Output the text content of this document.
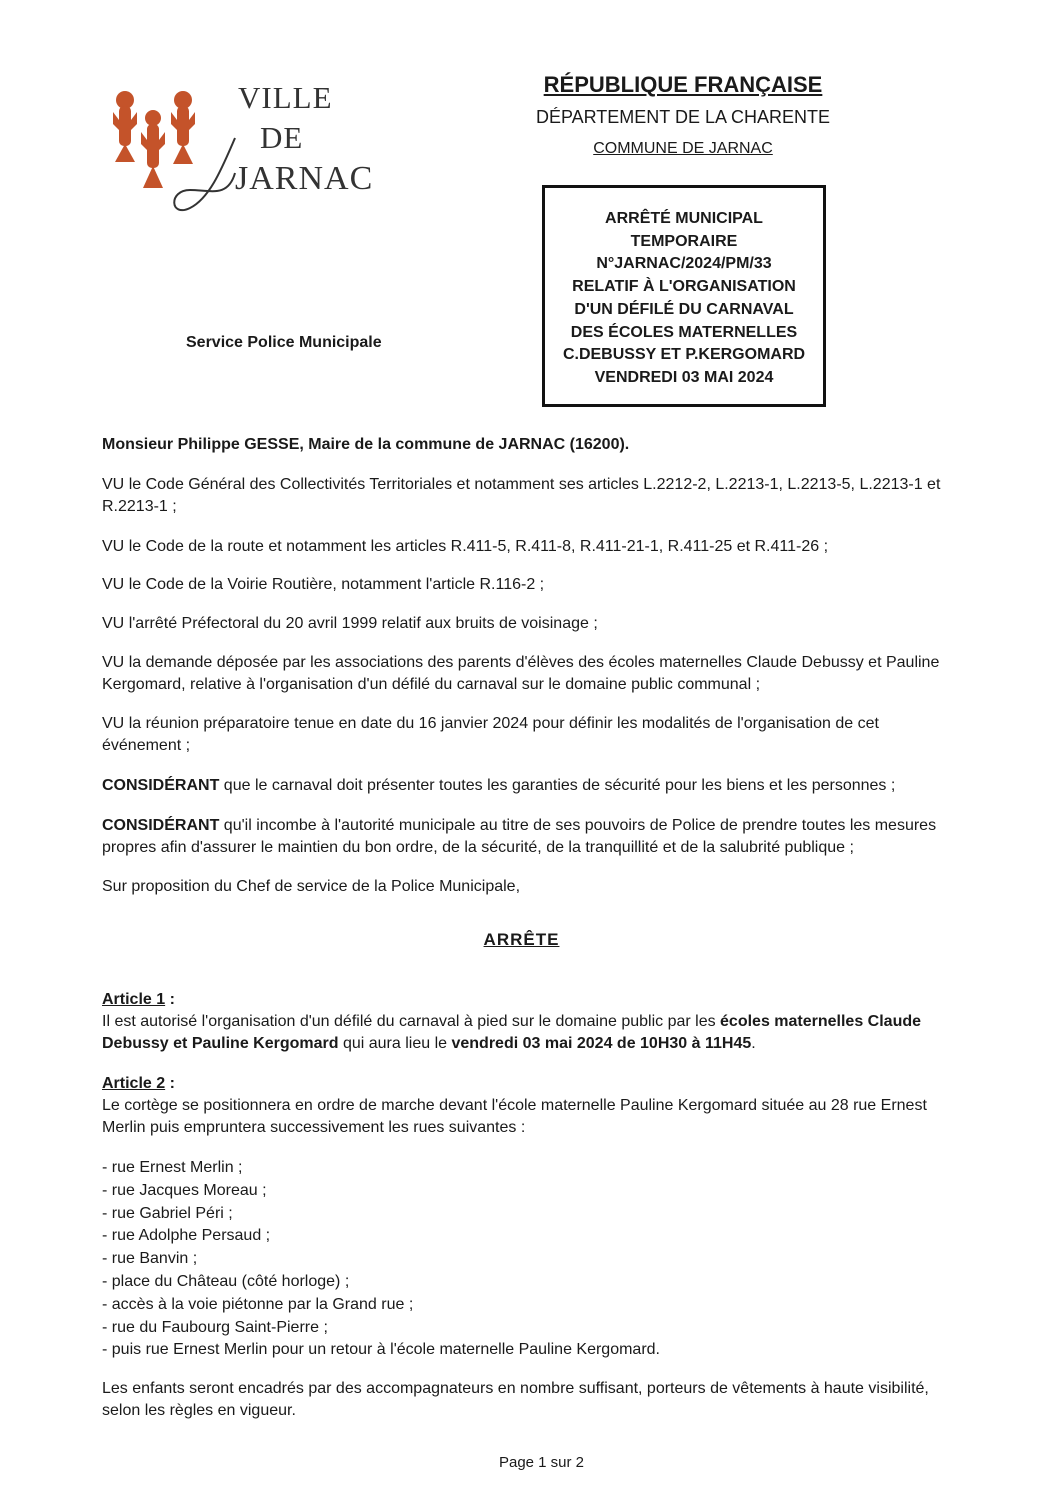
VILLE
DE
JARNAC
RÉPUBLIQUE FRANÇAISE
DÉPARTEMENT DE LA CHARENTE
COMMUNE DE JARNAC
ARRÊTÉ MUNICIPAL
TEMPORAIRE
N°JARNAC/2024/PM/33
RELATIF À L'ORGANISATION
D'UN DÉFILÉ DU CARNAVAL
DES ÉCOLES MATERNELLES
C.DEBUSSY ET P.KERGOMARD
VENDREDI 03 MAI 2024
Service Police Municipale
Monsieur Philippe GESSE, Maire de la commune de JARNAC (16200).
VU le Code Général des Collectivités Territoriales et notamment ses articles L.2212-2, L.2213-1, L.2213-5, L.2213-1 et R.2213-1 ;
VU le Code de la route et notamment les articles R.411-5, R.411-8, R.411-21-1, R.411-25 et R.411-26 ;
VU le Code de la Voirie Routière, notamment l'article R.116-2 ;
VU l'arrêté Préfectoral du 20 avril 1999 relatif aux bruits de voisinage ;
VU la demande déposée par les associations des parents d'élèves des écoles maternelles Claude Debussy et Pauline Kergomard, relative à l'organisation d'un défilé du carnaval sur le domaine public communal ;
VU la réunion préparatoire tenue en date du 16 janvier 2024 pour définir les modalités de l'organisation de cet événement ;
CONSIDÉRANT que le carnaval doit présenter toutes les garanties de sécurité pour les biens et les personnes ;
CONSIDÉRANT qu'il incombe à l'autorité municipale au titre de ses pouvoirs de Police de prendre toutes les mesures propres afin d'assurer le maintien du bon ordre, de la sécurité, de la tranquillité et de la salubrité publique ;
Sur proposition du Chef de service de la Police Municipale,
ARRÊTE
Article 1 :
Il est autorisé l'organisation d'un défilé du carnaval à pied sur le domaine public par les écoles maternelles Claude Debussy et Pauline Kergomard qui aura lieu le vendredi 03 mai 2024 de 10H30 à 11H45.
Article 2 :
Le cortège se positionnera en ordre de marche devant l'école maternelle Pauline Kergomard située au 28 rue Ernest Merlin puis empruntera successivement les rues suivantes :
- rue Ernest Merlin ;
- rue Jacques Moreau ;
- rue Gabriel Péri ;
- rue Adolphe Persaud ;
- rue Banvin ;
- place du Château (côté horloge) ;
- accès à la voie piétonne par la Grand rue ;
- rue du Faubourg Saint-Pierre ;
- puis rue Ernest Merlin pour un retour à l'école maternelle Pauline Kergomard.
Les enfants seront encadrés par des accompagnateurs en nombre suffisant, porteurs de vêtements à haute visibilité, selon les règles en vigueur.
Page 1 sur 2
